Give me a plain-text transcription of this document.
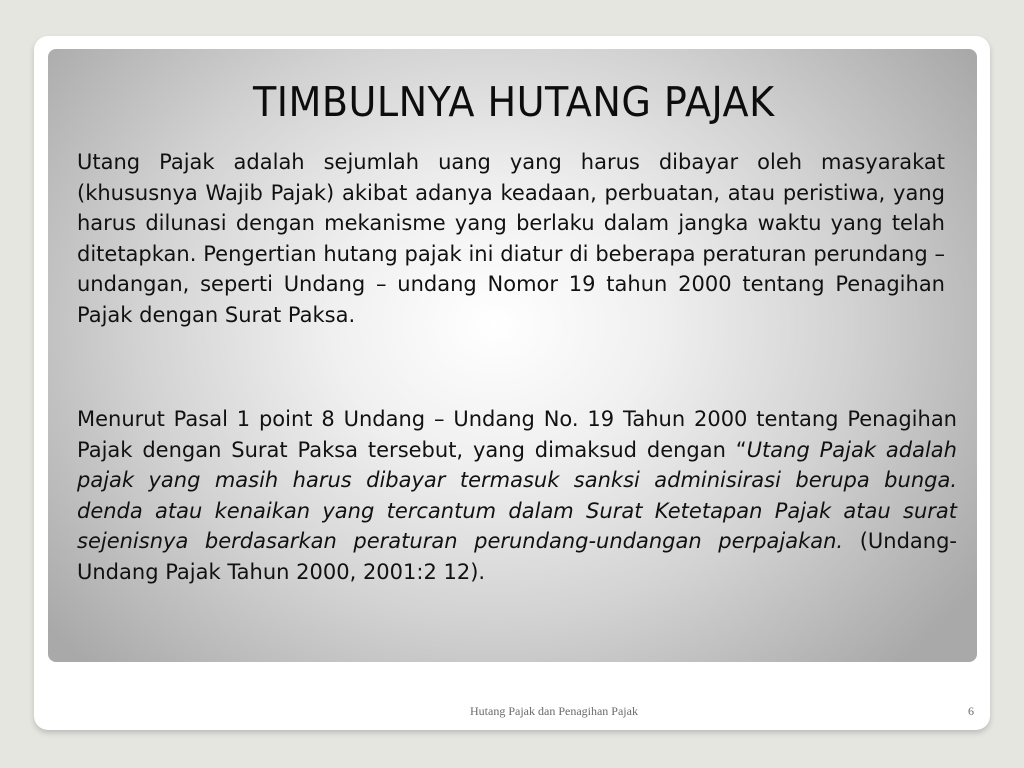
TIMBULNYA HUTANG PAJAK
Utang Pajak adalah sejumlah uang yang harus dibayar oleh masyarakat (khususnya Wajib Pajak) akibat adanya keadaan, perbuatan, atau peristiwa, yang harus dilunasi dengan mekanisme yang berlaku dalam jangka waktu yang telah ditetapkan. Pengertian hutang pajak ini diatur di beberapa peraturan perundang – undangan, seperti Undang – undang Nomor 19 tahun 2000 tentang Penagihan Pajak dengan Surat Paksa.
Menurut Pasal 1 point 8 Undang – Undang No. 19 Tahun 2000 tentang Penagihan Pajak dengan Surat Paksa tersebut, yang dimaksud dengan “Utang Pajak adalah pajak yang masih harus dibayar termasuk sanksi adminisirasi berupa bunga. denda atau kenaikan yang tercantum dalam Surat Ketetapan Pajak atau surat sejenisnya berdasarkan peraturan perundang-undangan perpajakan. (Undang-Undang Pajak Tahun 2000, 2001:2 12).
Hutang Pajak dan Penagihan Pajak	6
